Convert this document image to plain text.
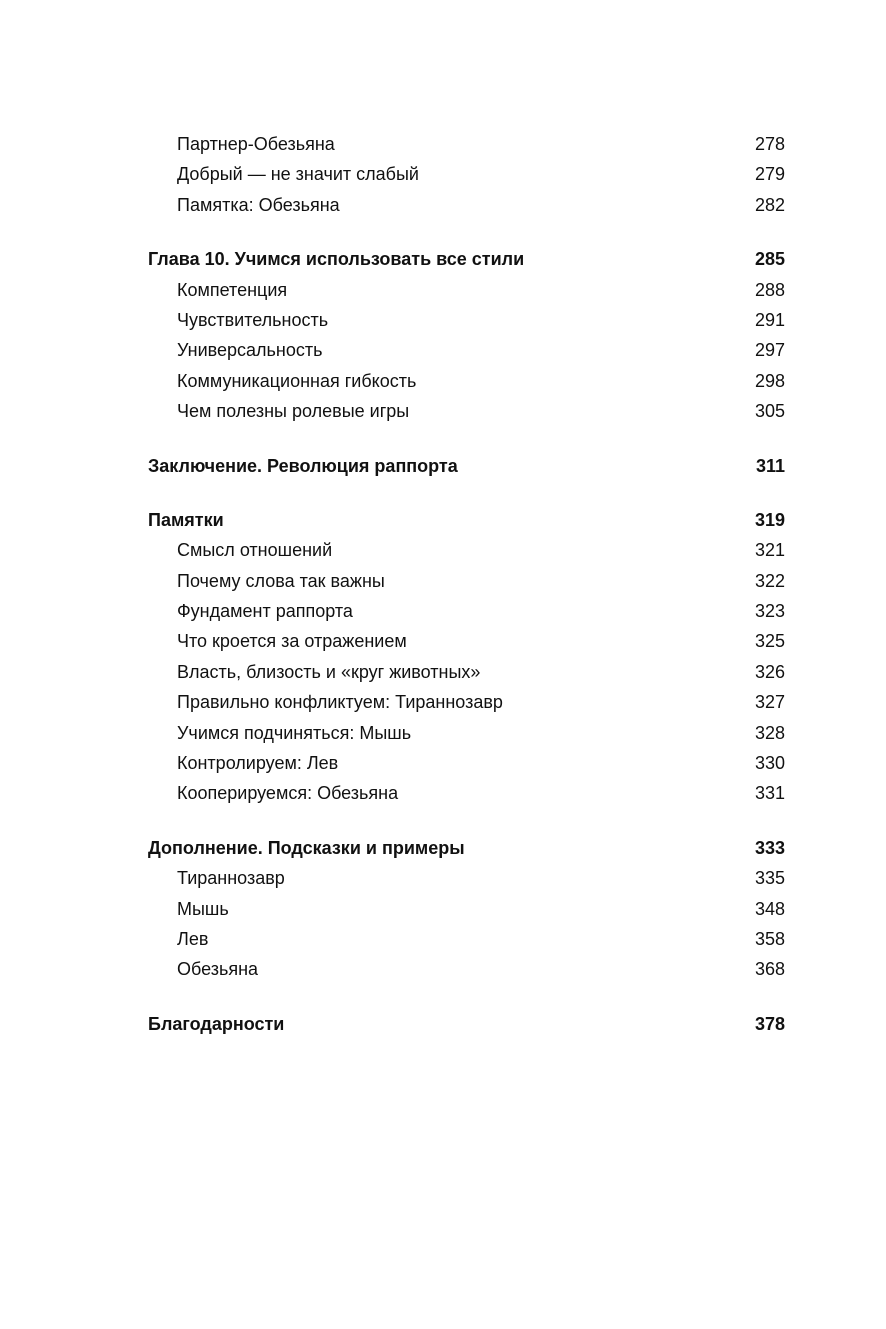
Партнер-Обезьяна	278
Добрый — не значит слабый	279
Памятка: Обезьяна	282
Глава 10. Учимся использовать все стили	285
Компетенция	288
Чувствительность	291
Универсальность	297
Коммуникационная гибкость	298
Чем полезны ролевые игры	305
Заключение. Революция раппорта	311
Памятки	319
Смысл отношений	321
Почему слова так важны	322
Фундамент раппорта	323
Что кроется за отражением	325
Власть, близость и «круг животных»	326
Правильно конфликтуем: Тираннозавр	327
Учимся подчиняться: Мышь	328
Контролируем: Лев	330
Кооперируемся: Обезьяна	331
Дополнение. Подсказки и примеры	333
Тираннозавр	335
Мышь	348
Лев	358
Обезьяна	368
Благодарности	378
